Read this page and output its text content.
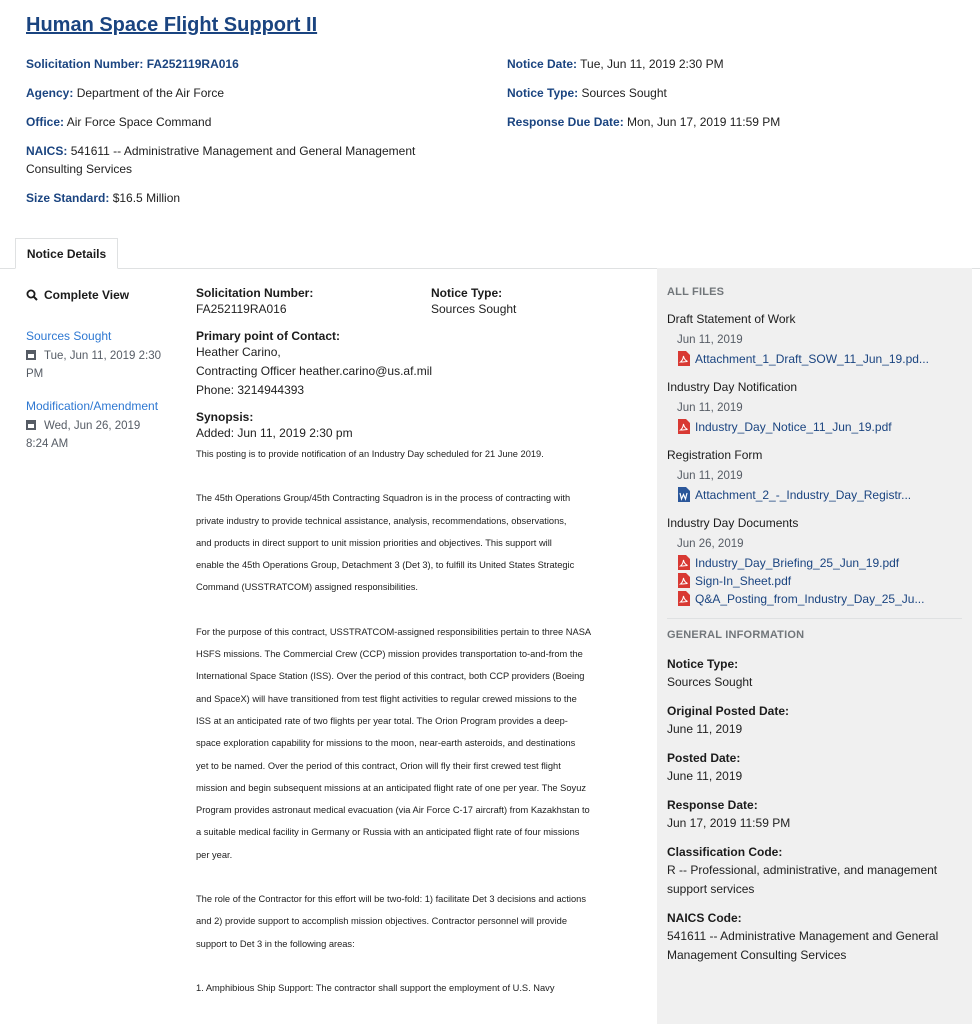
Human Space Flight Support II
Solicitation Number: FA252119RA016
Agency: Department of the Air Force
Office: Air Force Space Command
NAICS: 541611 -- Administrative Management and General Management
Consulting Services
Size Standard: $16.5 Million
Notice Date: Tue, Jun 11, 2019 2:30 PM
Notice Type: Sources Sought
Response Due Date: Mon, Jun 17, 2019 11:59 PM
Notice Details
Complete View
Sources Sought
Tue, Jun 11, 2019 2:30
PM
Modification/Amendment
Wed, Jun 26, 2019
8:24 AM
Solicitation Number:
FA252119RA016
Notice Type:
Sources Sought
Primary point of Contact:
Heather Carino,
Contracting Officer heather.carino@us.af.mil
Phone: 3214944393
Synopsis:
Added: Jun 11, 2019 2:30 pm
This posting is to provide notification of an Industry Day scheduled for 21 June 2019.
The 45th Operations Group/45th Contracting Squadron is in the process of contracting with
private industry to provide technical assistance, analysis, recommendations, observations,
and products in direct support to unit mission priorities and objectives. This support will
enable the 45th Operations Group, Detachment 3 (Det 3), to fulfill its United States Strategic
Command (USSTRATCOM) assigned responsibilities.
For the purpose of this contract, USSTRATCOM-assigned responsibilities pertain to three NASA
HSFS missions. The Commercial Crew (CCP) mission provides transportation to-and-from the
International Space Station (ISS). Over the period of this contract, both CCP providers (Boeing
and SpaceX) will have transitioned from test flight activities to regular crewed missions to the
ISS at an anticipated rate of two flights per year total. The Orion Program provides a deep-
space exploration capability for missions to the moon, near-earth asteroids, and destinations
yet to be named. Over the period of this contract, Orion will fly their first crewed test flight
mission and begin subsequent missions at an anticipated flight rate of one per year. The Soyuz
Program provides astronaut medical evacuation (via Air Force C-17 aircraft) from Kazakhstan to
a suitable medical facility in Germany or Russia with an anticipated flight rate of four missions
per year.
The role of the Contractor for this effort will be two-fold: 1) facilitate Det 3 decisions and actions
and 2) provide support to accomplish mission objectives. Contractor personnel will provide
support to Det 3 in the following areas:
1. Amphibious Ship Support: The contractor shall support the employment of U.S. Navy
ALL FILES
Draft Statement of Work
Jun 11, 2019
Attachment_1_Draft_SOW_11_Jun_19.pd...
Industry Day Notification
Jun 11, 2019
Industry_Day_Notice_11_Jun_19.pdf
Registration Form
Jun 11, 2019
Attachment_2_-_Industry_Day_Registr...
Industry Day Documents
Jun 26, 2019
Industry_Day_Briefing_25_Jun_19.pdf
Sign-In_Sheet.pdf
Q&A_Posting_from_Industry_Day_25_Ju...
GENERAL INFORMATION
Notice Type:
Sources Sought
Original Posted Date:
June 11, 2019
Posted Date:
June 11, 2019
Response Date:
Jun 17, 2019 11:59 PM
Classification Code:
R -- Professional, administrative, and management support services
NAICS Code:
541611 -- Administrative Management and General Management Consulting Services
